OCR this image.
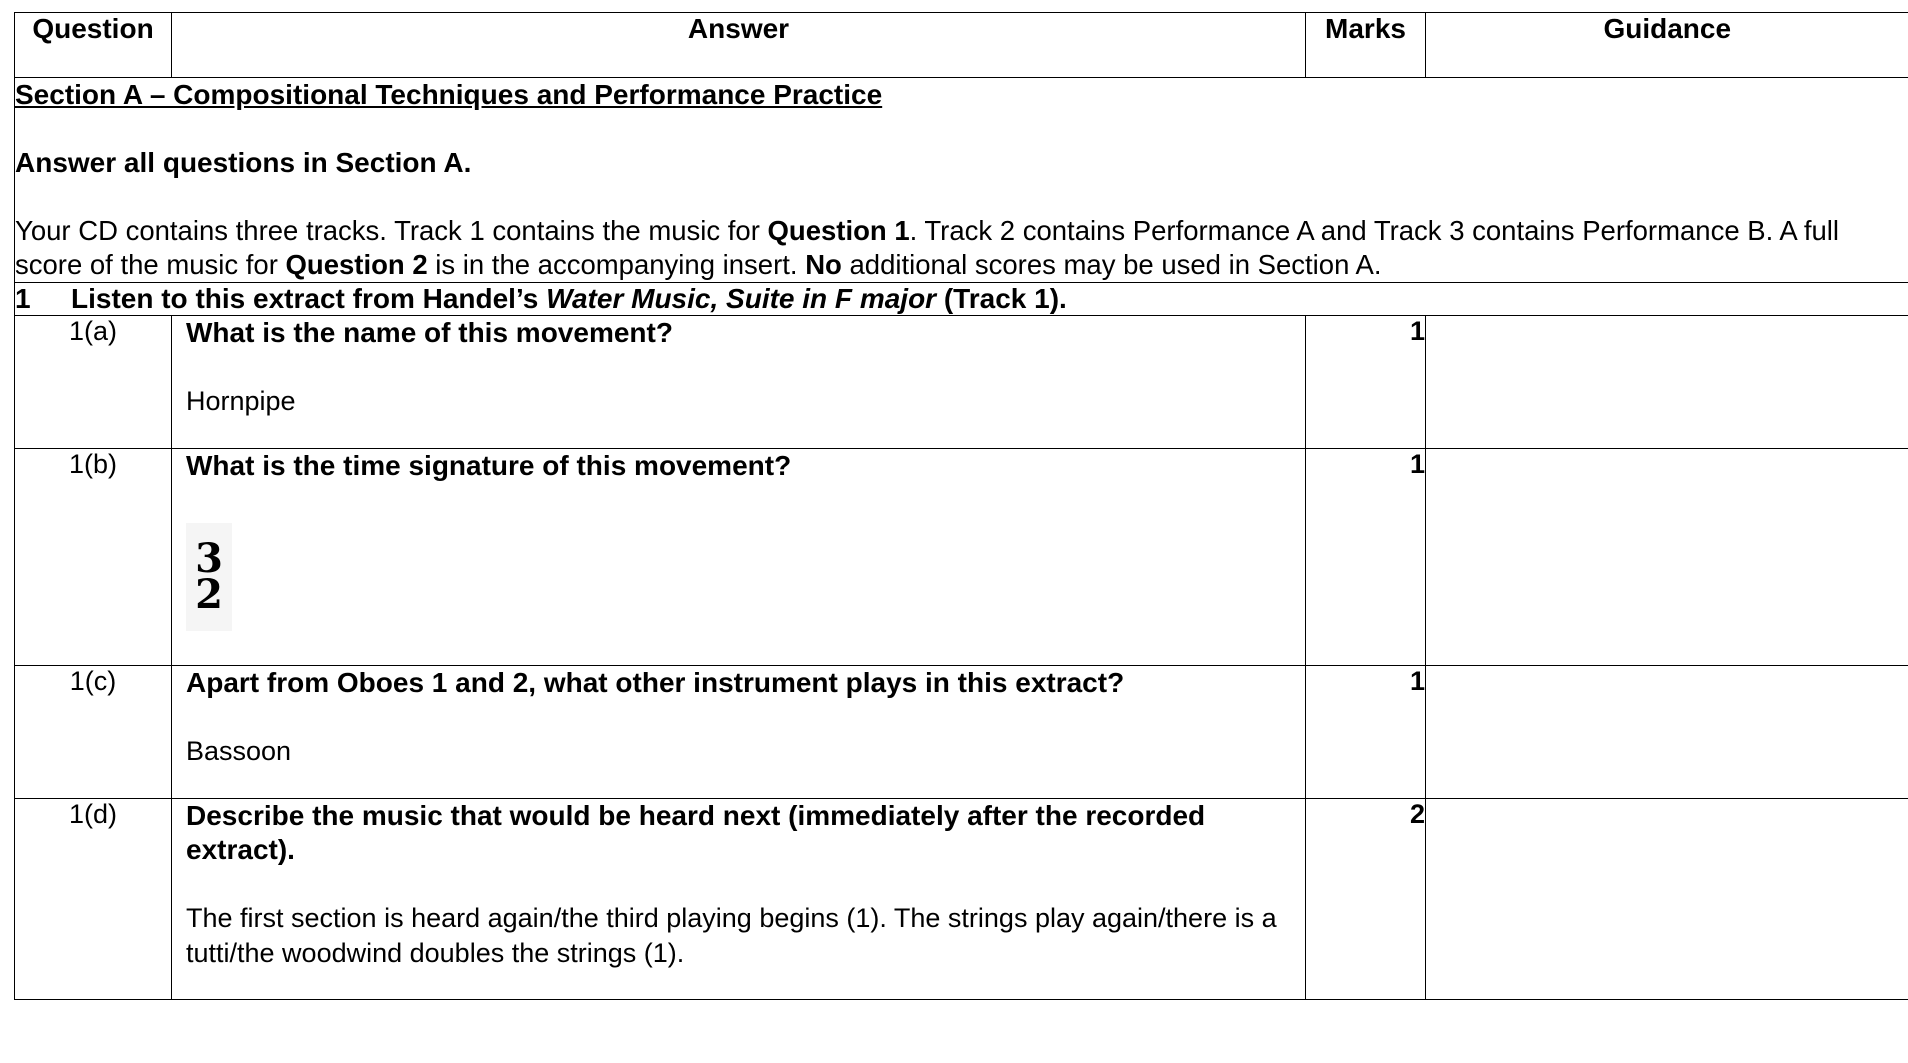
Question	Answer	Marks	Guidance

Section A – Compositional Techniques and Performance Practice

Answer all questions in Section A.

Your CD contains three tracks. Track 1 contains the music for Question 1. Track 2 contains Performance A and Track 3 contains Performance B. A full score of the music for Question 2 is in the accompanying insert. No additional scores may be used in Section A.			

1 Listen to this extract from Handel’s Water Music, Suite in F major (Track 1).			
1(a)	What is the name of this movement?

Hornpipe	1	
1(b)	What is the time signature of this movement?

3
2	1	
1(c)	Apart from Oboes 1 and 2, what other instrument plays in this extract?

Bassoon	1	
1(d)	Describe the music that would be heard next (immediately after the recorded extract).

The first section is heard again/the third playing begins (1). The strings play again/there is a tutti/the woodwind doubles the strings (1).	2	
